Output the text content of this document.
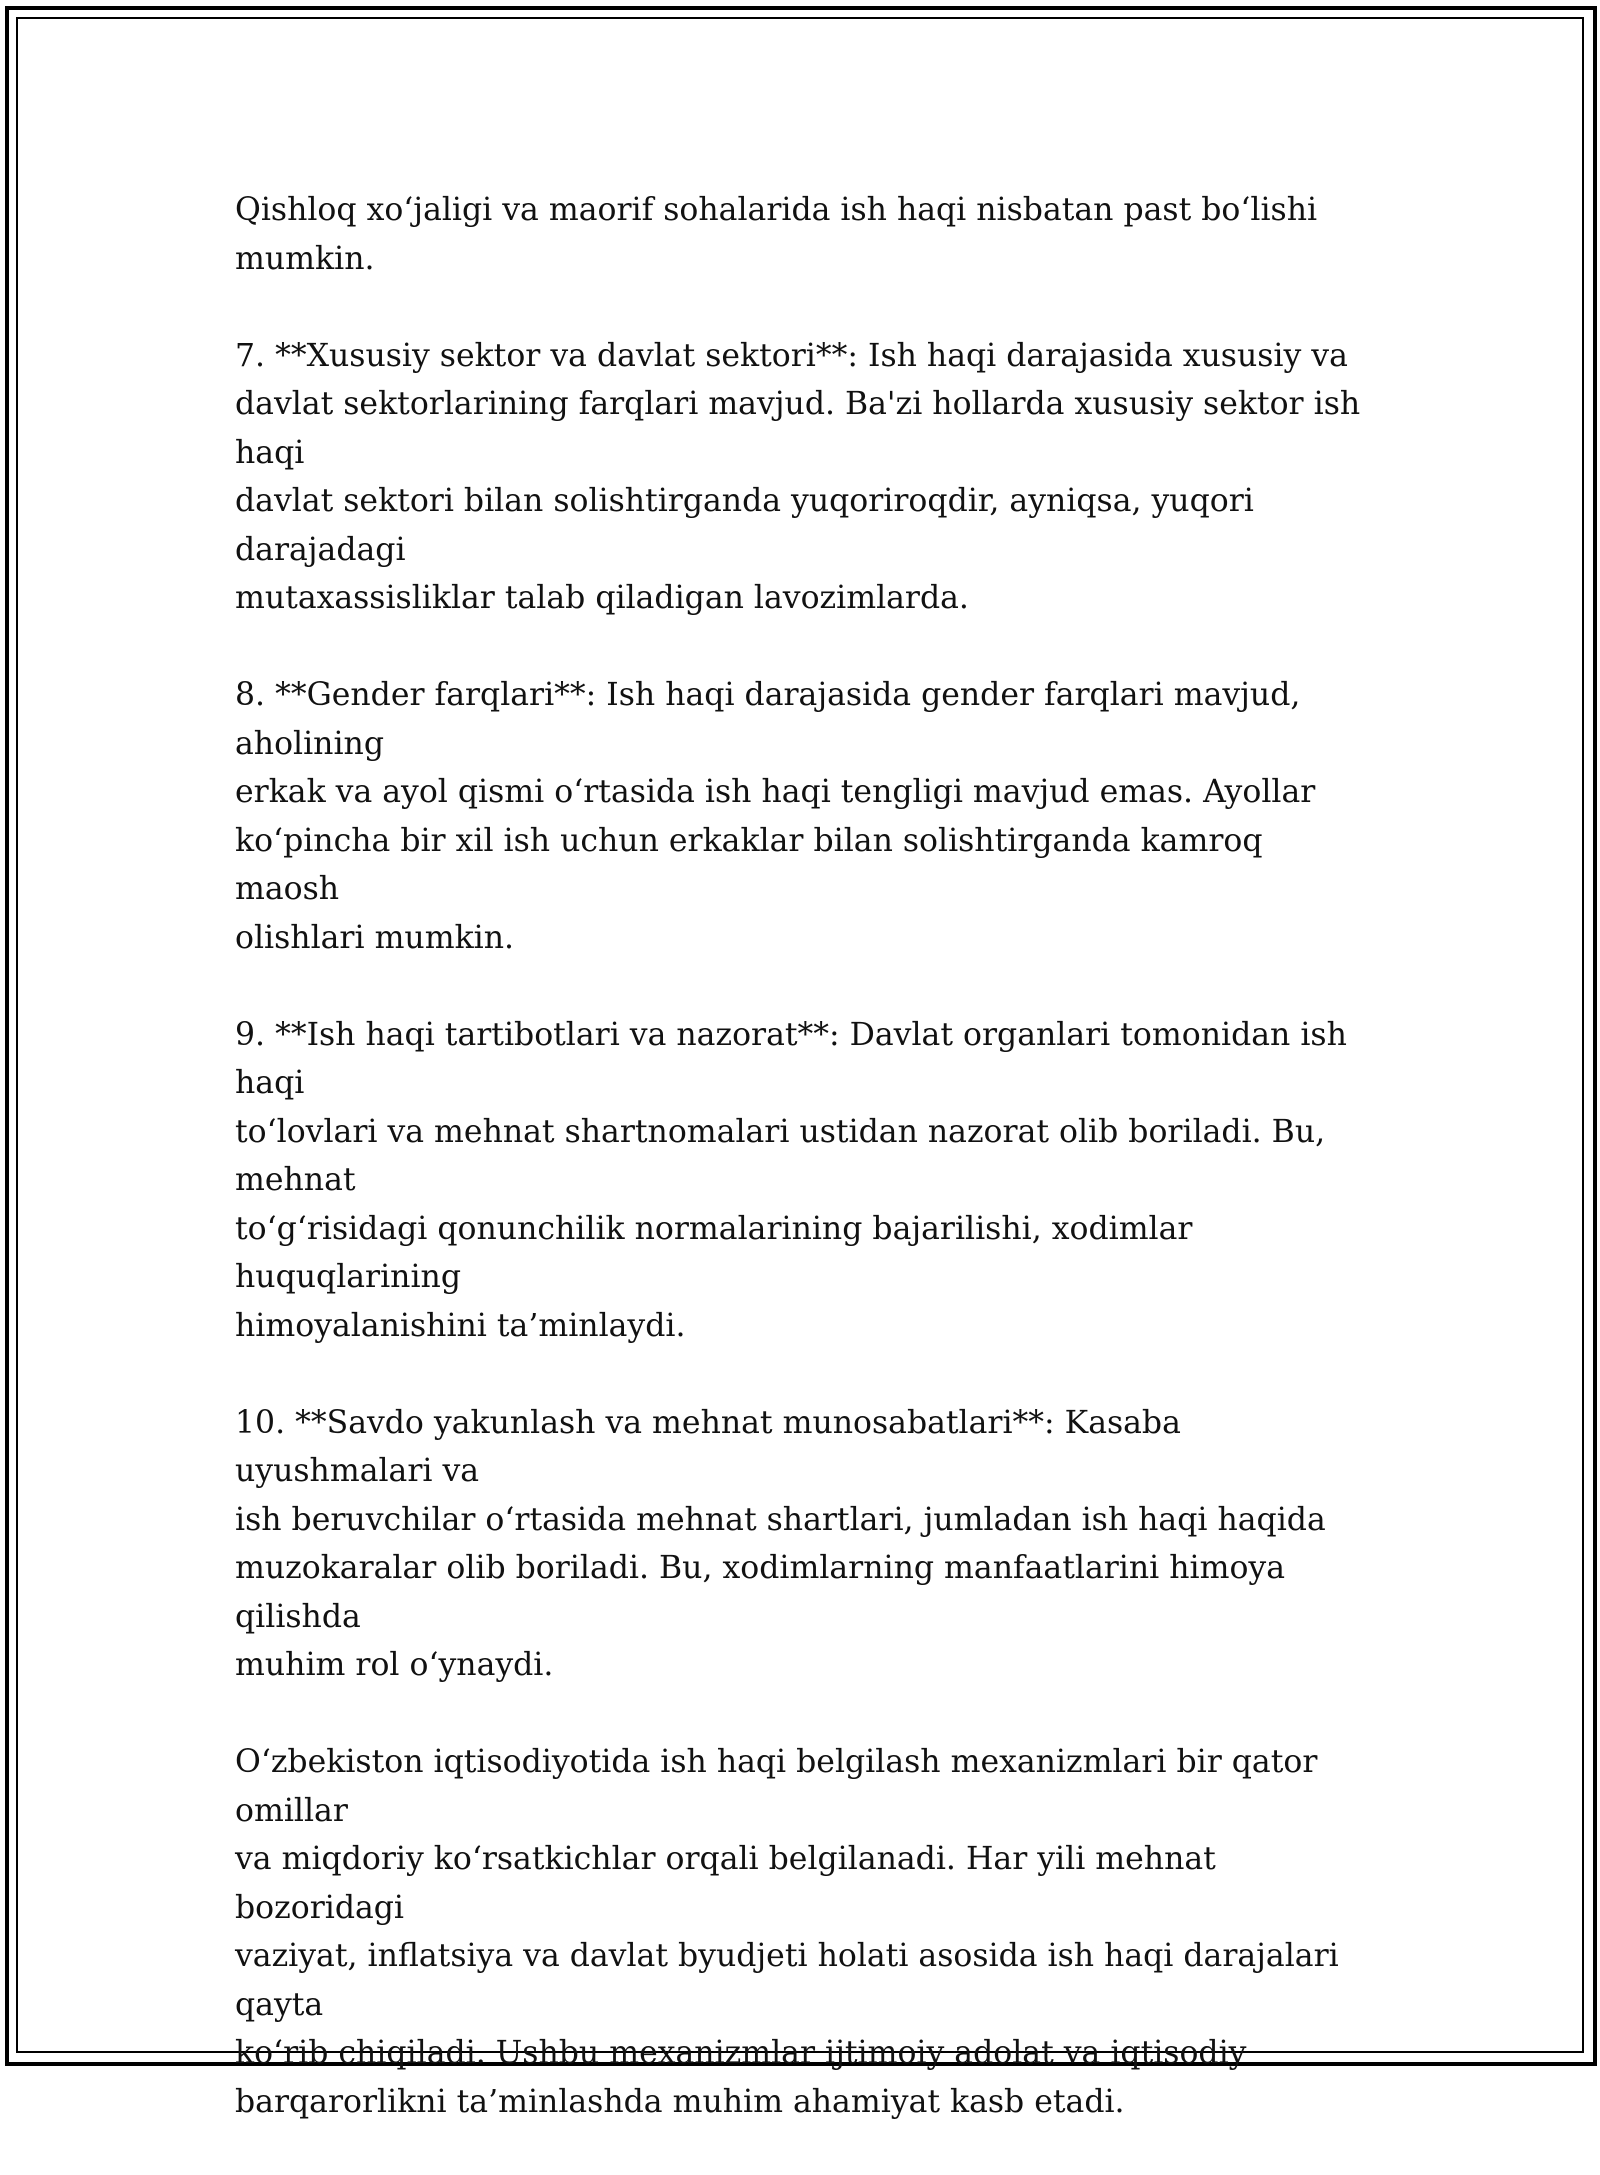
Qishloq xo‘jaligi va maorif sohalarida ish haqi nisbatan past bo‘lishi
mumkin.

7. **Xususiy sektor va davlat sektori**: Ish haqi darajasida xususiy va
davlat sektorlarining farqlari mavjud. Ba'zi hollarda xususiy sektor ish haqi
davlat sektori bilan solishtirganda yuqoriroqdir, ayniqsa, yuqori darajadagi
mutaxassisliklar talab qiladigan lavozimlarda.

8. **Gender farqlari**: Ish haqi darajasida gender farqlari mavjud, aholining
erkak va ayol qismi o‘rtasida ish haqi tengligi mavjud emas. Ayollar
ko‘pincha bir xil ish uchun erkaklar bilan solishtirganda kamroq maosh
olishlari mumkin.

9. **Ish haqi tartibotlari va nazorat**: Davlat organlari tomonidan ish haqi
to‘lovlari va mehnat shartnomalari ustidan nazorat olib boriladi. Bu, mehnat
to‘g‘risidagi qonunchilik normalarining bajarilishi, xodimlar huquqlarining
himoyalanishini ta’minlaydi.

10. **Savdo yakunlash va mehnat munosabatlari**: Kasaba uyushmalari va
ish beruvchilar o‘rtasida mehnat shartlari, jumladan ish haqi haqida
muzokaralar olib boriladi. Bu, xodimlarning manfaatlarini himoya qilishda
muhim rol o‘ynaydi.

O‘zbekiston iqtisodiyotida ish haqi belgilash mexanizmlari bir qator omillar
va miqdoriy ko‘rsatkichlar orqali belgilanadi. Har yili mehnat bozoridagi
vaziyat, inflatsiya va davlat byudjeti holati asosida ish haqi darajalari qayta
ko‘rib chiqiladi. Ushbu mexanizmlar ijtimoiy adolat va iqtisodiy
barqarorlikni ta’minlashda muhim ahamiyat kasb etadi.
